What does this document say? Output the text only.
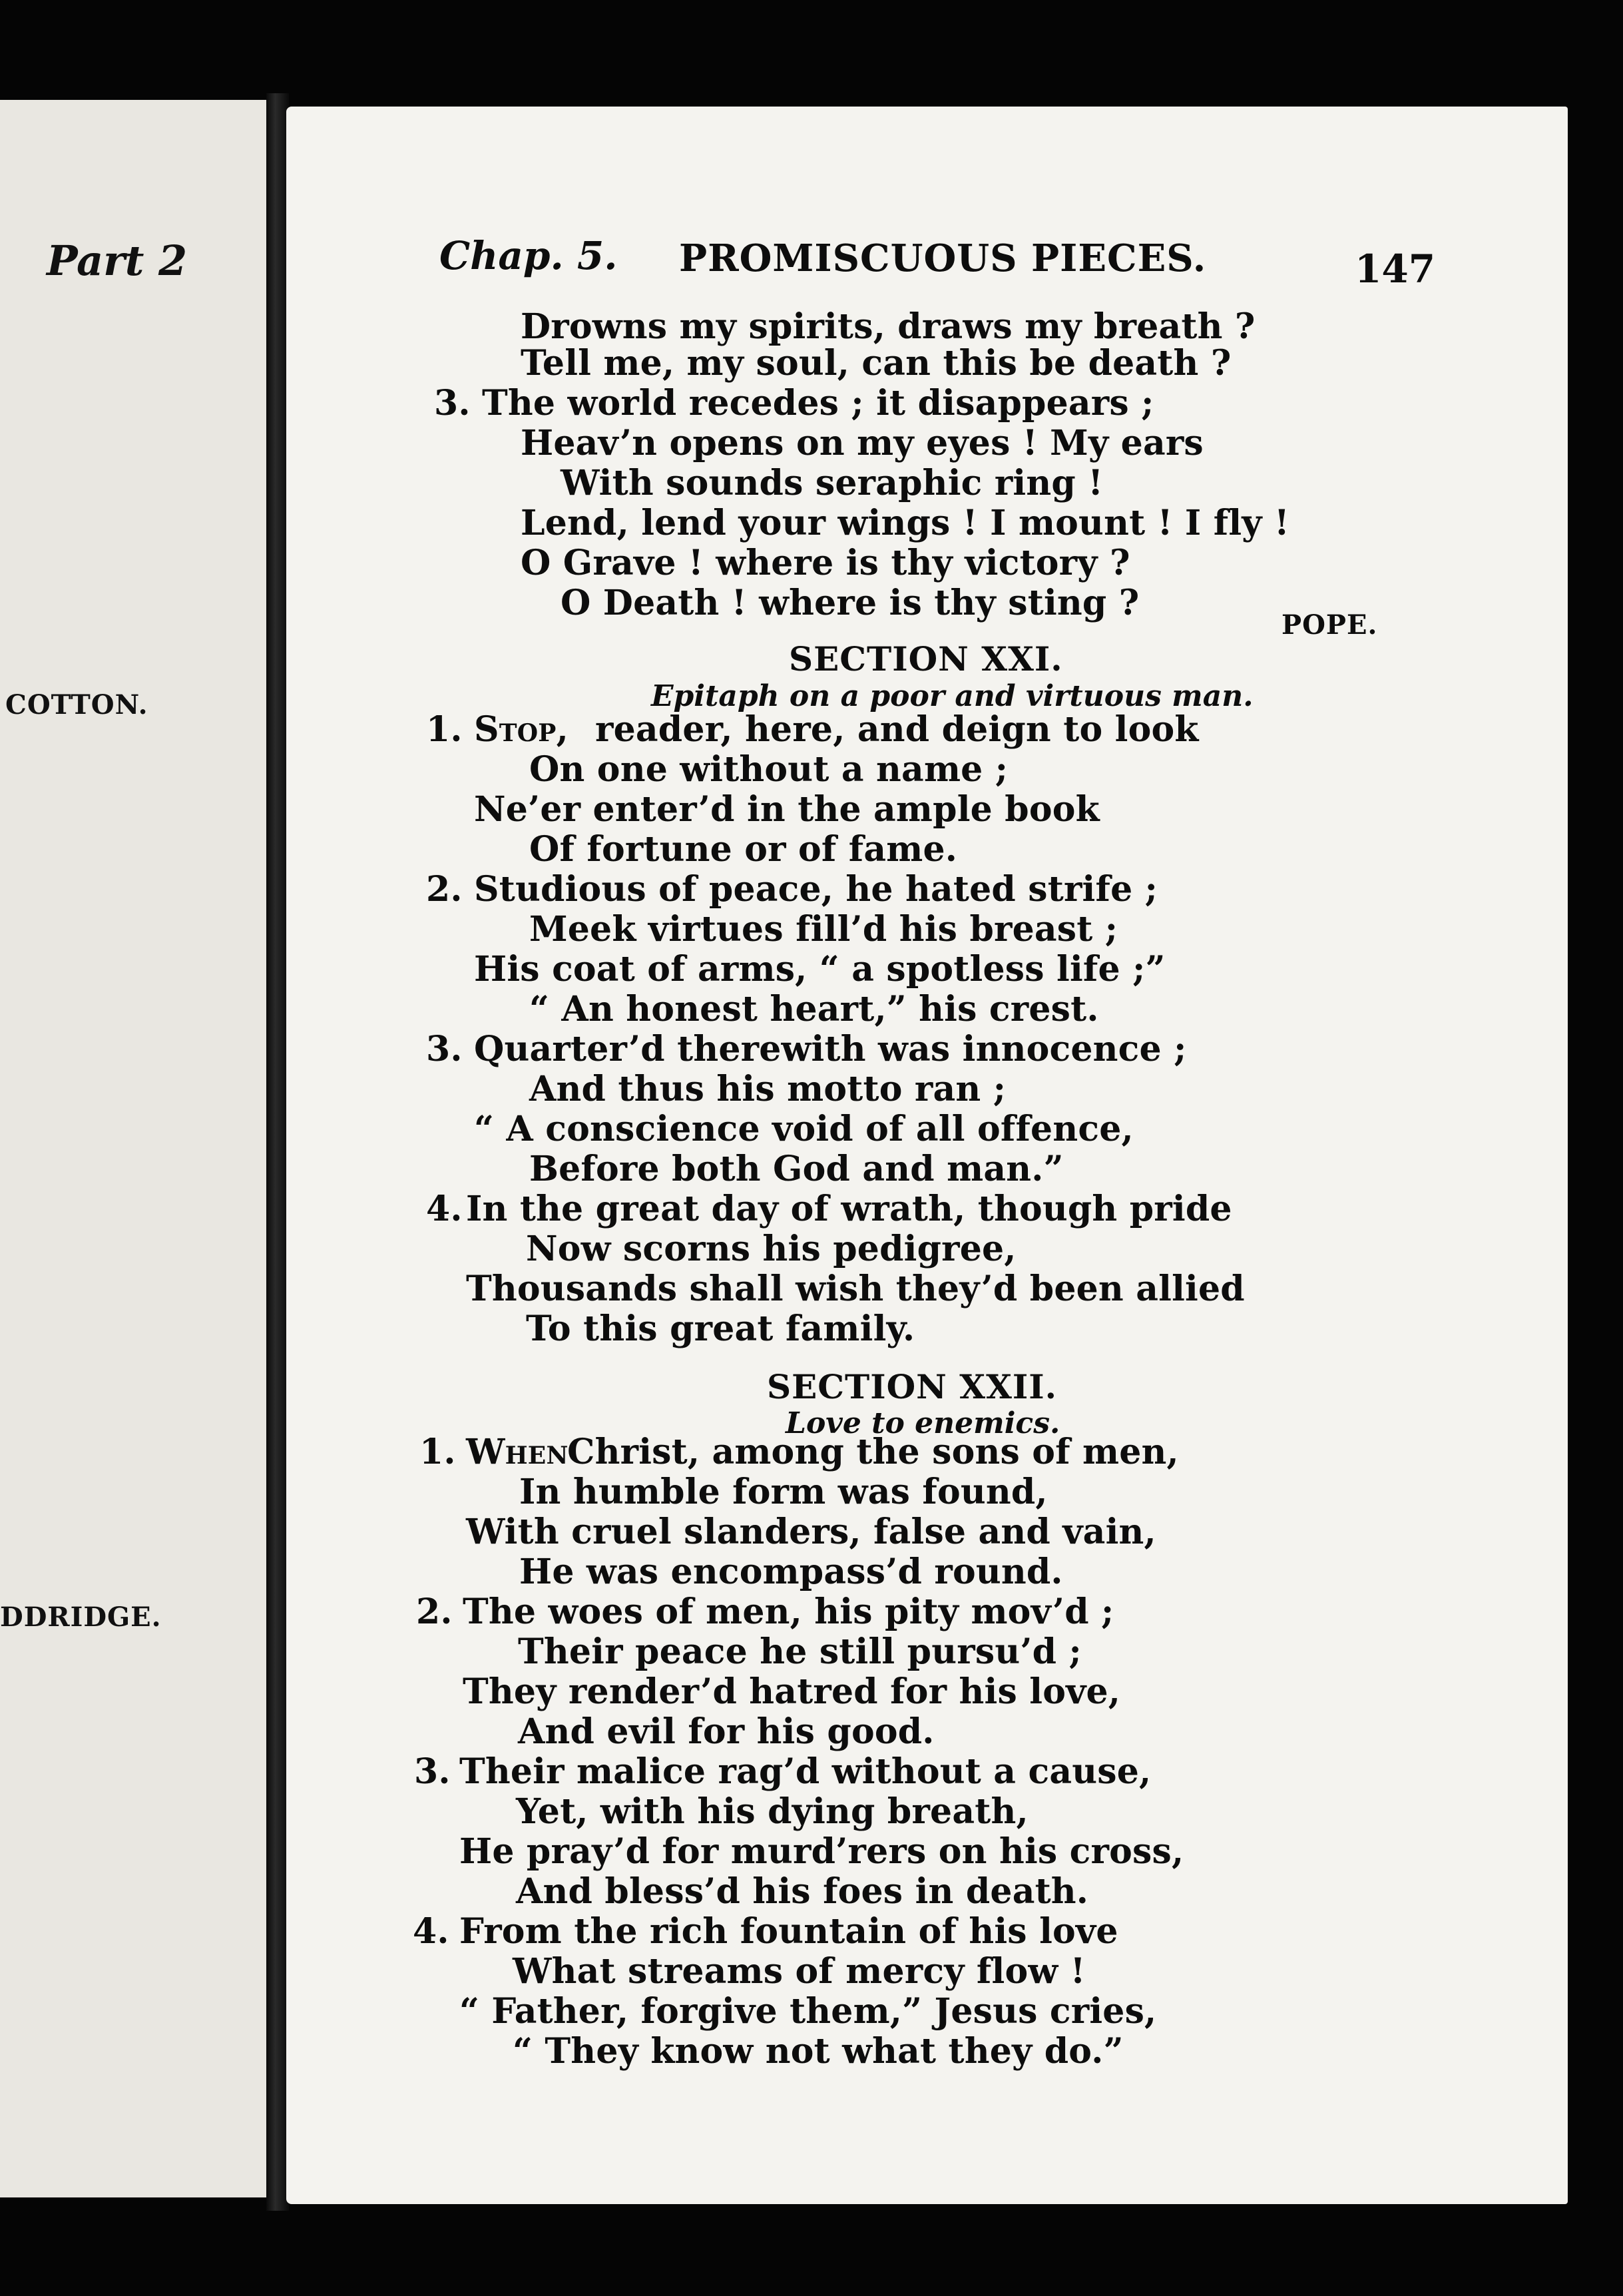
Part 2
COTTON.
DDRIDGE.
Chap. 5. PROMISCUOUS PIECES.	147
POPE.
SECTION XXI.
Epitaph on a poor and virtuous man.
SECTION XXII.
Love to enemics.
Drowns my spirits, draws my breath ?
Tell me, my soul, can this be death ?
3. The world recedes ; it disappears ;
Heav’n opens on my eyes ! My ears
With sounds seraphic ring !
Lend, lend your wings ! I mount ! I fly !
O Grave ! where is thy victory ?
O Death ! where is thy sting ?
1. Stop, reader, here, and deign to look
On one without a name ;
Ne’er enter’d in the ample book
Of fortune or of fame.
2. Studious of peace, he hated strife ;
Meek virtues fill’d his breast ;
His coat of arms, “ a spotless life ;”
“ An honest heart,” his crest.
3. Quarter’d therewith was innocence ;
And thus his motto ran ;
“ A conscience void of all offence,
Before both God and man.”
4. In the great day of wrath, though pride
Now scorns his pedigree,
Thousands shall wish they’d been allied
To this great family.
1. When
Christ, among the sons of men,
In humble form was found,
With cruel slanders, false and vain,
He was encompass’d round.
2. The woes of men, his pity mov’d ;
Their peace he still pursu’d ;
They render’d hatred for his love,
And evil for his good.
3. Their malice rag’d without a cause,
Yet, with his dying breath,
He pray’d for murd’rers on his cross,
And bless’d his foes in death.
4. From the rich fountain of his love
What streams of mercy flow !
“ Father, forgive them,” Jesus cries,
“ They know not what they do.”
